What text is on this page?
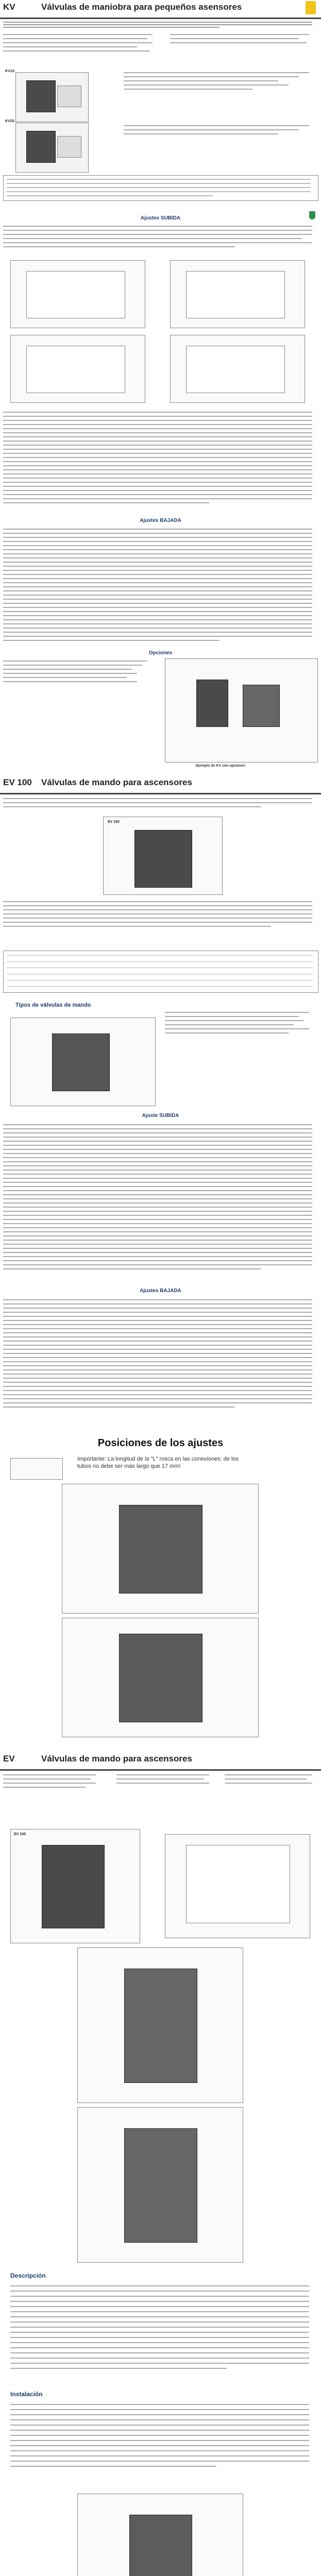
KV	Válvulas de maniobra para pequeños asensores
KV1S
KV2S
Ajustes SUBIDA
Ajustes BAJADA
Opciones
Ejemplo de KV con opciones
EV 100 Válvulas de mando para ascensores
EV 100
Tipos de válvulas de mando
Ajuste SUBIDA
Ajustes BAJADA
Posiciones de los ajustes
Importante: La longitud de la "L" rosca en las conexiones: de los tubos no debe ser más largo que 17 mm!
EV	Válvulas de mando para ascensores
EV 100
Descripción
Instalación
